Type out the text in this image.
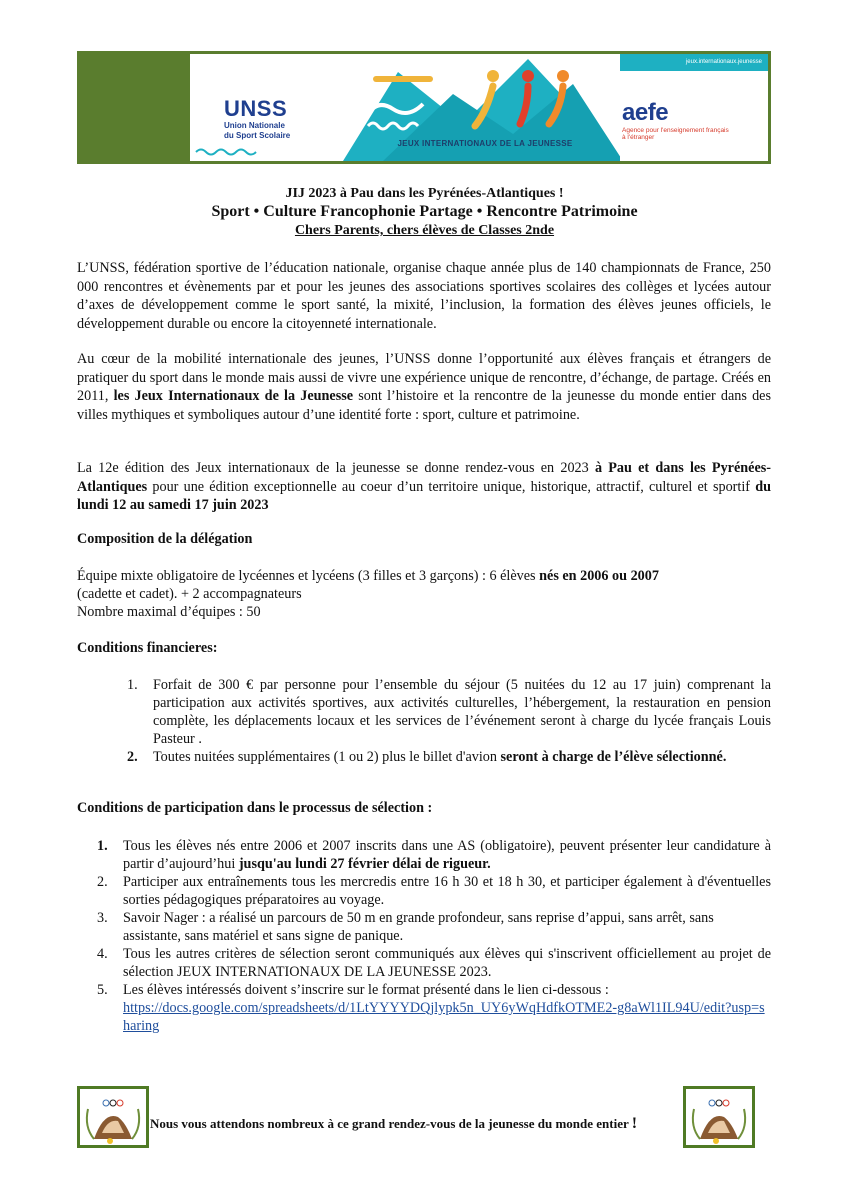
UNSS
Union Nationale
du Sport Scolaire
JEUX INTERNATIONAUX DE LA JEUNESSE
jeux.internationaux.jeunesse
aefe
Agence pour l'enseignement français à l'étranger
JIJ 2023 à Pau dans les Pyrénées-Atlantiques !
Sport • Culture Francophonie Partage • Rencontre Patrimoine
Chers Parents, chers élèves de Classes 2nde

L’UNSS, fédération sportive de l’éducation nationale, organise chaque année plus de 140 championnats de France, 250 000 rencontres et évènements par et pour les jeunes des associations sportives scolaires des collèges et lycées autour d’axes de développement comme le sport santé, la mixité, l’inclusion, la formation des élèves jeunes officiels, le développement durable ou encore la citoyenneté internationale.

Au cœur de la mobilité internationale des jeunes, l’UNSS donne l’opportunité aux élèves français et étrangers de pratiquer du sport dans le monde mais aussi de vivre une expérience unique de rencontre, d’échange, de partage. Créés en 2011, les Jeux Internationaux de la Jeunesse sont l’histoire et la rencontre de la jeunesse du monde entier dans des villes mythiques et symboliques autour d’une identité forte : sport, culture et patrimoine.

La 12e édition des Jeux internationaux de la jeunesse se donne rendez-vous en 2023 à Pau et dans les Pyrénées-Atlantiques pour une édition exceptionnelle au coeur d’un territoire unique, historique, attractif, culturel et sportif du lundi 12 au samedi 17 juin 2023

Composition de la délégation

Équipe mixte obligatoire de lycéennes et lycéens (3 filles et 3 garçons) : 6 élèves nés en 2006 ou 2007

(cadette et cadet). + 2 accompagnateurs

Nombre maximal d’équipes : 50

Conditions financieres:
1. Forfait de 300 € par personne pour l’ensemble du séjour (5 nuitées du 12 au 17 juin) comprenant la participation aux activités sportives, aux activités culturelles, l’hébergement, la restauration en pension complète, les déplacements locaux et les services de l’événement seront à charge du lycée français Louis Pasteur .
2. Toutes nuitées supplémentaires (1 ou 2) plus le billet d'avion seront à charge de l’élève sélectionné.
Conditions de participation dans le processus de sélection :
1. Tous les élèves nés entre 2006 et 2007 inscrits dans une AS (obligatoire), peuvent présenter leur candidature à partir d’aujourd’hui jusqu'au lundi 27 février délai de rigueur.
2. Participer aux entraînements tous les mercredis entre 16 h 30 et 18 h 30, et participer également à d'éventuelles sorties pédagogiques préparatoires au voyage.
3. Savoir Nager : a réalisé un parcours de 50 m en grande profondeur, sans reprise d’appui, sans arrêt, sans
assistante, sans matériel et sans signe de panique.
4. Tous les autres critères de sélection seront communiqués aux élèves qui s'inscrivent officiellement au projet de sélection JEUX INTERNATIONAUX DE LA JEUNESSE 2023.
5. Les élèves intéressés doivent s’inscrire sur le format présenté dans le lien ci-dessous :
https://docs.google.com/spreadsheets/d/1LtYYYYDQjlypk5n_UY6yWqHdfkOTME2-g8aWl1IL94U/edit?usp=sharing
Nous vous attendons nombreux à ce grand rendez-vous de la jeunesse du monde entier !
